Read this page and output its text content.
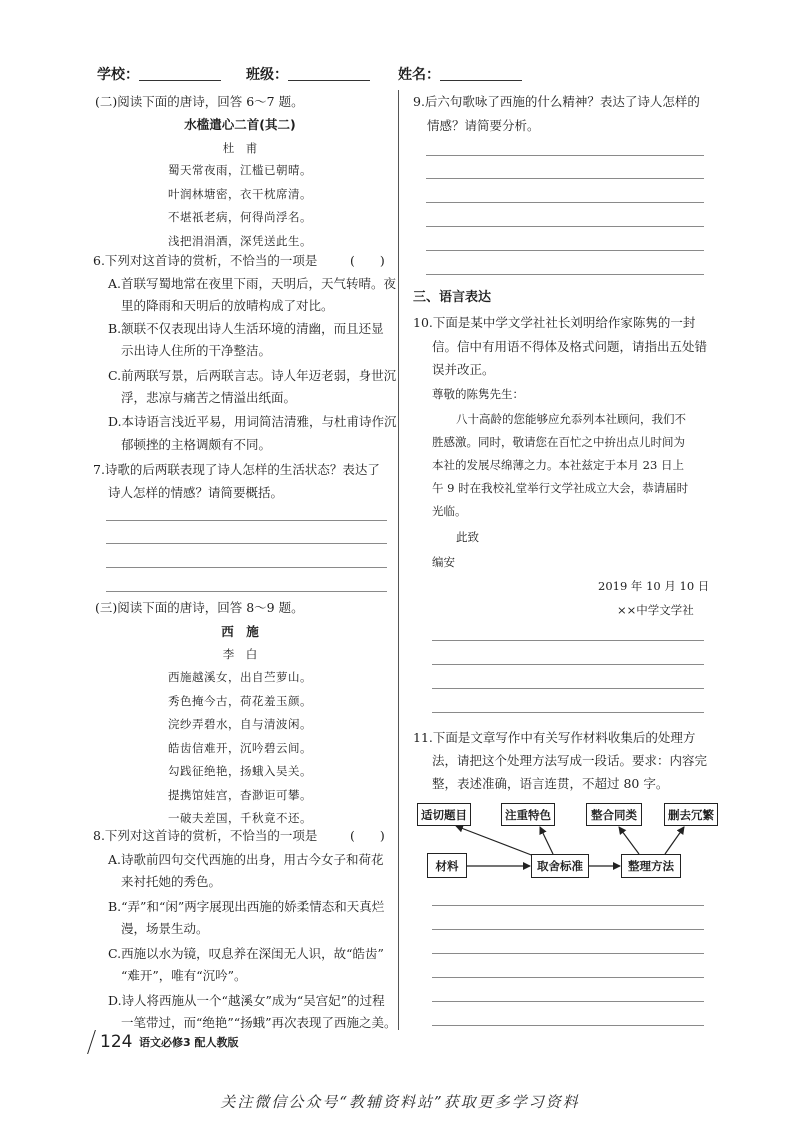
学校：	班级：	姓名：
(二)阅读下面的唐诗，回答 6～7 题。
水槛遣心二首(其二)
杜　甫
蜀天常夜雨，江槛已朝晴。
叶润林塘密，衣干枕席清。
不堪祇老病，何得尚浮名。
浅把涓涓酒，深凭送此生。
6.下列对这首诗的赏析，不恰当的一项是	(　　)
A.首联写蜀地常在夜里下雨，天明后，天气转晴。夜
里的降雨和天明后的放晴构成了对比。
B.颔联不仅表现出诗人生活环境的清幽，而且还显
示出诗人住所的干净整洁。
C.前两联写景，后两联言志。诗人年迈老弱，身世沉
浮，悲凉与痛苦之情溢出纸面。
D.本诗语言浅近平易，用词简洁清雅，与杜甫诗作沉
郁顿挫的主格调颇有不同。
7.诗歌的后两联表现了诗人怎样的生活状态？表达了
诗人怎样的情感？请简要概括。
(三)阅读下面的唐诗，回答 8～9 题。
西　施
李　白
西施越溪女，出自苎萝山。
秀色掩今古，荷花羞玉颜。
浣纱弄碧水，自与清波闲。
皓齿信难开，沉吟碧云间。
勾践征绝艳，扬蛾入吴关。
提携馆娃宫，杳渺讵可攀。
一破夫差国，千秋竟不还。
8.下列对这首诗的赏析，不恰当的一项是	(　　)
A.诗歌前四句交代西施的出身，用古今女子和荷花
来衬托她的秀色。
B.“弄”和“闲”两字展现出西施的娇柔情态和天真烂
漫，场景生动。
C.西施以水为镜，叹息养在深闺无人识，故“皓齿”
“难开”，唯有“沉吟”。
D.诗人将西施从一个“越溪女”成为“吴宫妃”的过程
一笔带过，而“绝艳”“扬蛾”再次表现了西施之美。
9.后六句歌咏了西施的什么精神？表达了诗人怎样的
情感？请简要分析。
三、语言表达
10.下面是某中学文学社社长刘明给作家陈隽的一封
信。信中有用语不得体及格式问题，请指出五处错
误并改正。
尊敬的陈隽先生：
八十高龄的您能够应允忝列本社顾问，我们不
胜感激。同时，敬请您在百忙之中拚出点儿时间为
本社的发展尽绵薄之力。本社兹定于本月 23 日上
午 9 时在我校礼堂举行文学社成立大会，恭请届时
光临。
此致
编安
2019 年 10 月 10 日
××中学文学社
11.下面是文章写作中有关写作材料收集后的处理方
法，请把这个处理方法写成一段话。要求：内容完
整，表述准确，语言连贯，不超过 80 字。
适切题目	注重特色	整合同类	删去冗繁
材料	取舍标准	整理方法
124 语文必修3 配人教版
关注微信公众号“教辅资料站”获取更多学习资料
